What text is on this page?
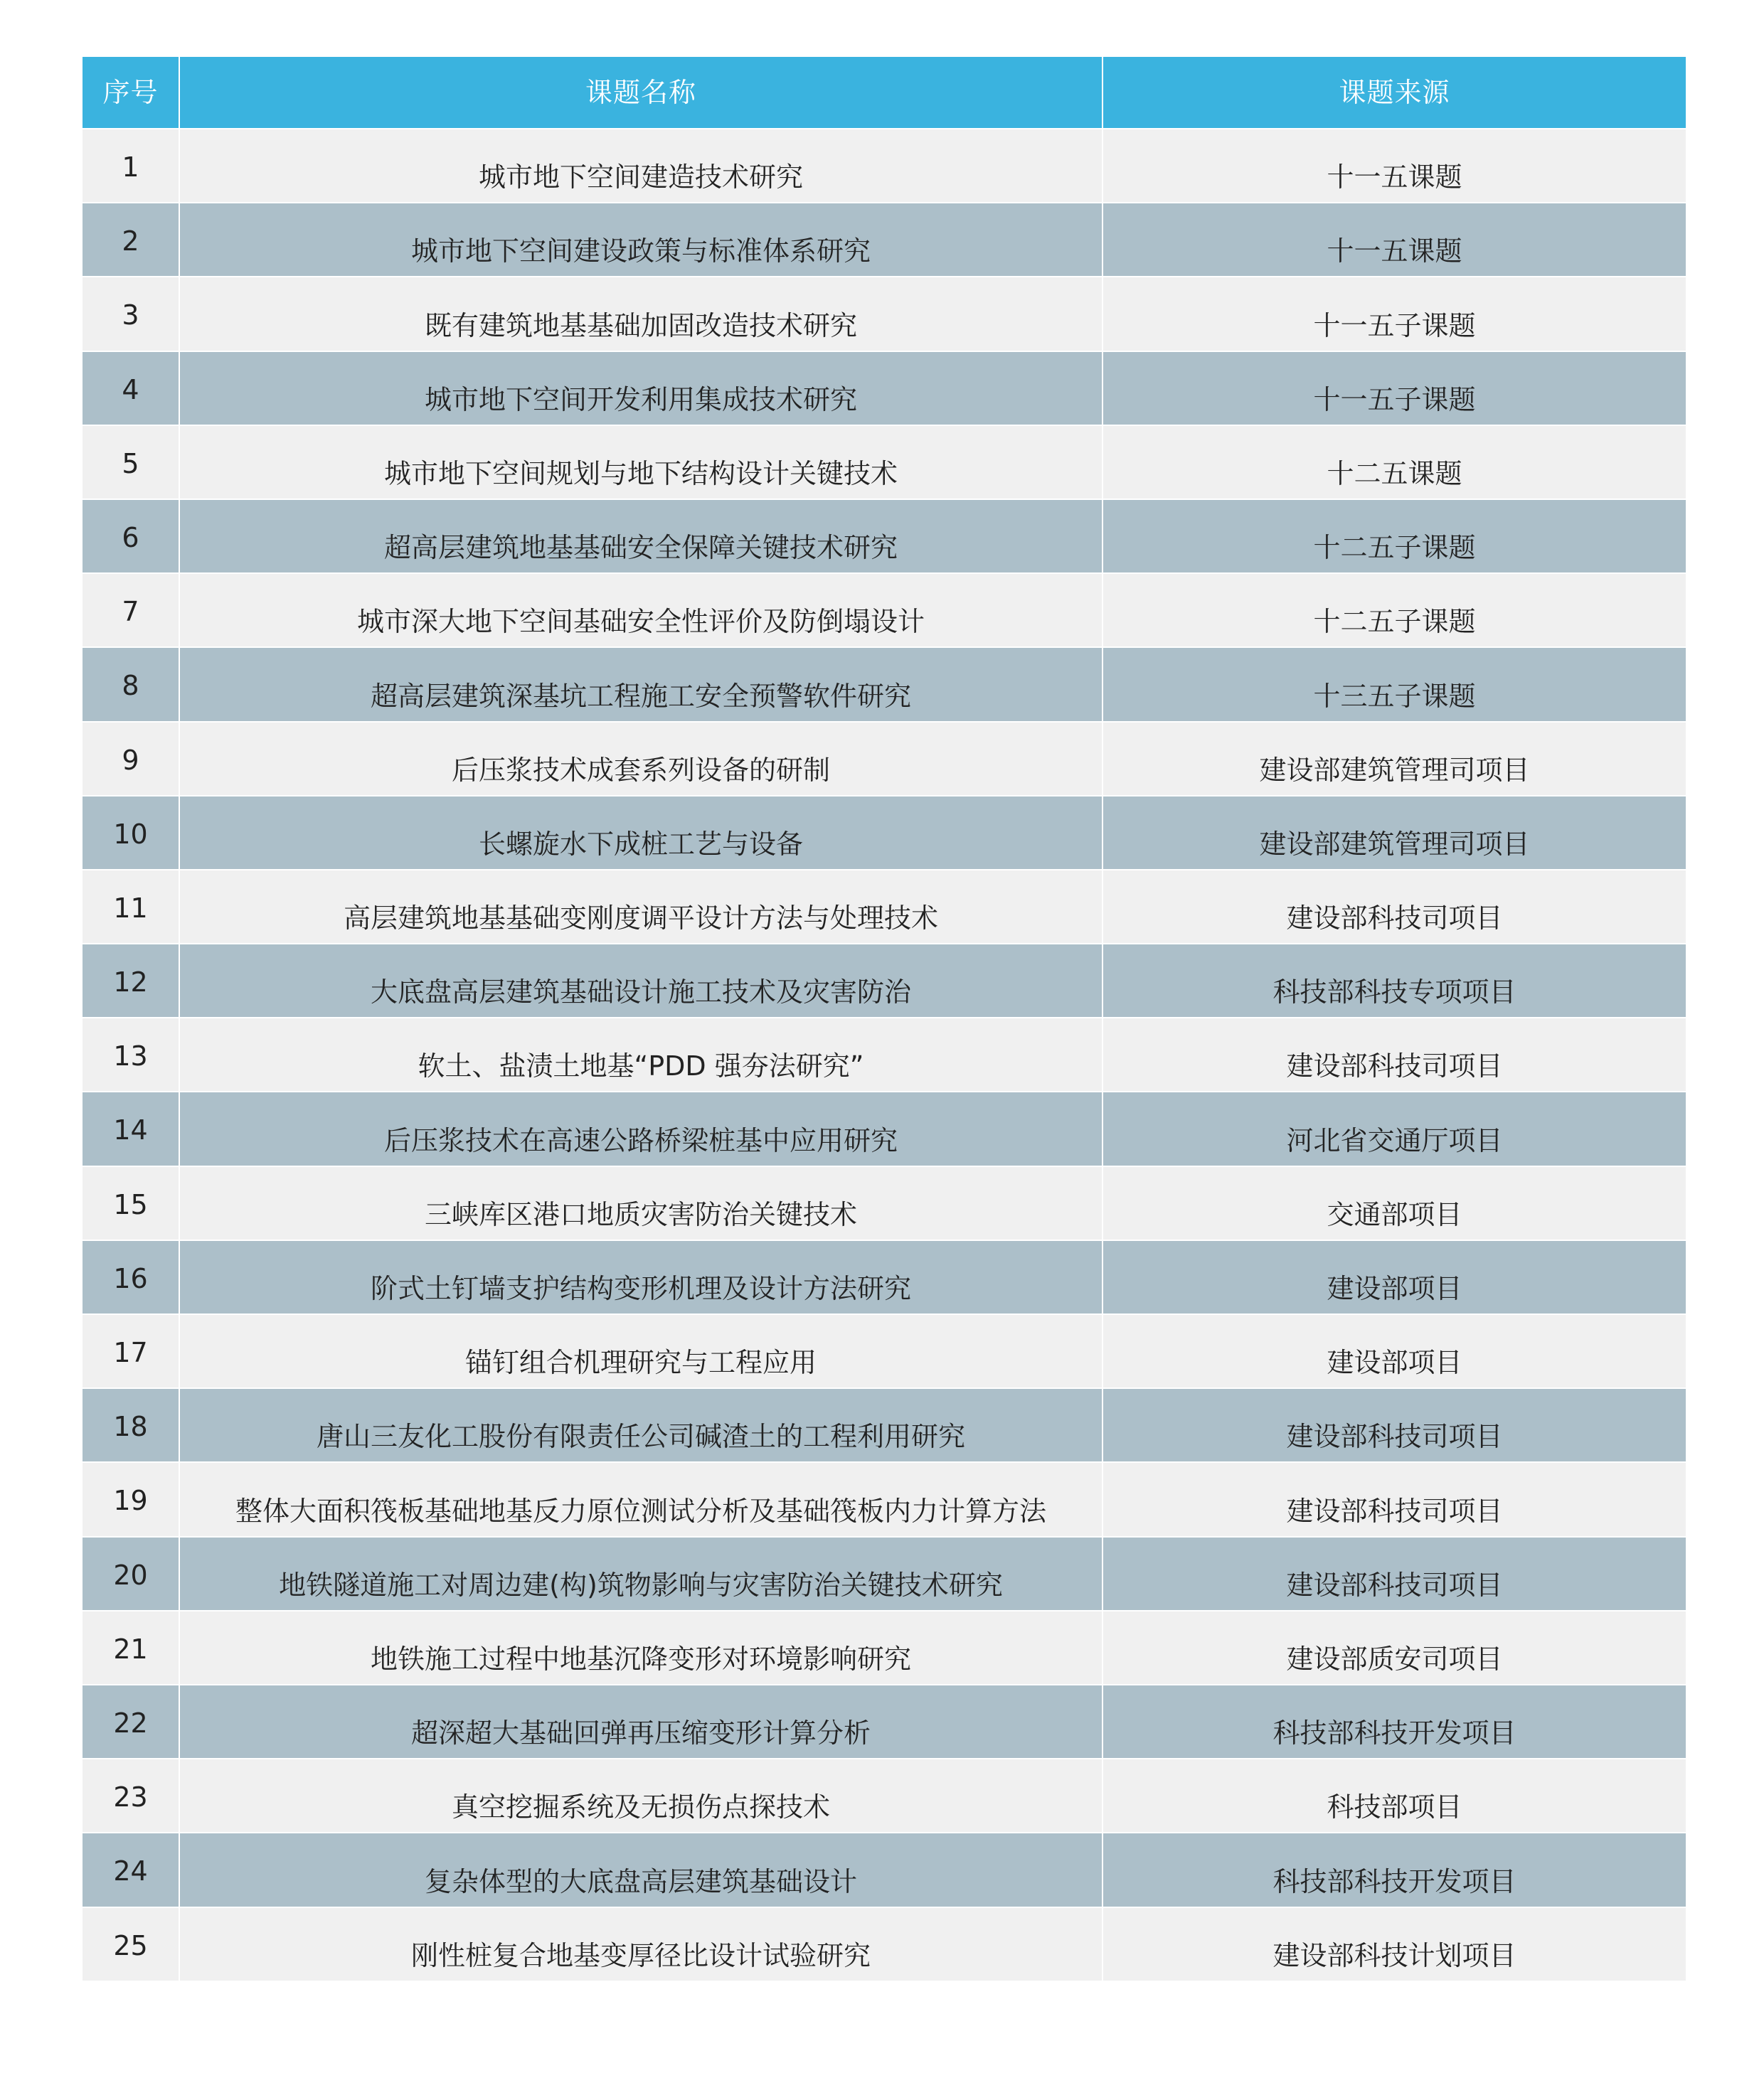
序号	课题名称	课题来源
1	城市地下空间建造技术研究	十一五课题
2	城市地下空间建设政策与标准体系研究	十一五课题
3	既有建筑地基基础加固改造技术研究	十一五子课题
4	城市地下空间开发利用集成技术研究	十一五子课题
5	城市地下空间规划与地下结构设计关键技术	十二五课题
6	超高层建筑地基基础安全保障关键技术研究	十二五子课题
7	城市深大地下空间基础安全性评价及防倒塌设计	十二五子课题
8	超高层建筑深基坑工程施工安全预警软件研究	十三五子课题
9	后压浆技术成套系列设备的研制	建设部建筑管理司项目
10	长螺旋水下成桩工艺与设备	建设部建筑管理司项目
11	高层建筑地基基础变刚度调平设计方法与处理技术	建设部科技司项目
12	大底盘高层建筑基础设计施工技术及灾害防治	科技部科技专项项目
13	软土、盐渍土地基“PDD 强夯法研究”	建设部科技司项目
14	后压浆技术在高速公路桥梁桩基中应用研究	河北省交通厅项目
15	三峡库区港口地质灾害防治关键技术	交通部项目
16	阶式土钉墙支护结构变形机理及设计方法研究	建设部项目
17	锚钉组合机理研究与工程应用	建设部项目
18	唐山三友化工股份有限责任公司碱渣土的工程利用研究	建设部科技司项目
19	整体大面积筏板基础地基反力原位测试分析及基础筏板内力计算方法	建设部科技司项目
20	地铁隧道施工对周边建(构)筑物影响与灾害防治关键技术研究	建设部科技司项目
21	地铁施工过程中地基沉降变形对环境影响研究	建设部质安司项目
22	超深超大基础回弹再压缩变形计算分析	科技部科技开发项目
23	真空挖掘系统及无损伤点探技术	科技部项目
24	复杂体型的大底盘高层建筑基础设计	科技部科技开发项目
25	刚性桩复合地基变厚径比设计试验研究	建设部科技计划项目
